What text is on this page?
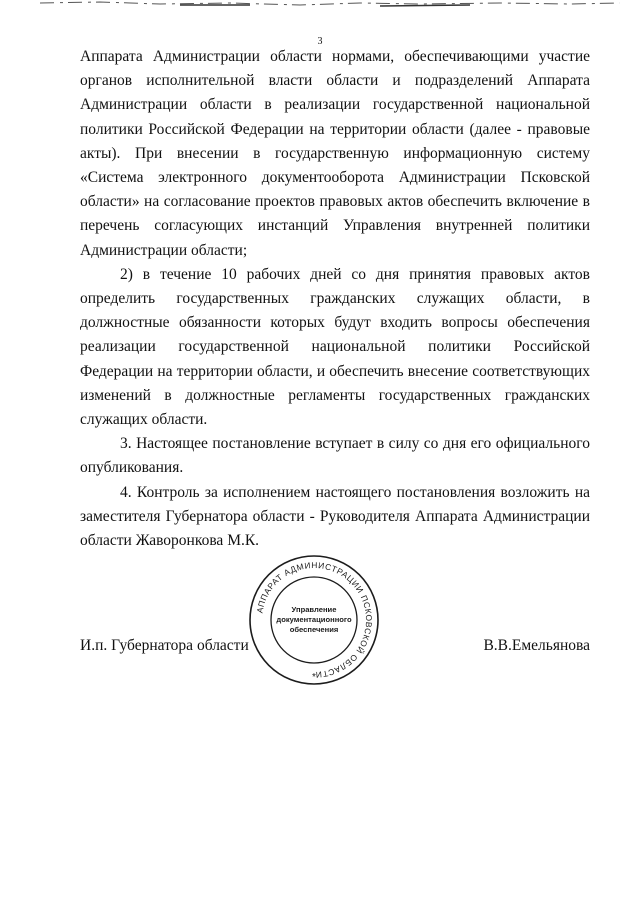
3

Аппарата Администрации области нормами, обеспечивающими участие органов исполнительной власти области и подразделений Аппарата Администрации области в реализации государственной национальной политики Российской Федерации на территории области (далее - правовые акты). При внесении в государственную информационную систему «Система электронного документооборота Администрации Псковской области» на согласование проектов правовых актов обеспечить включение в перечень согласующих инстанций Управления внутренней политики Администрации области;

2) в течение 10 рабочих дней со дня принятия правовых актов определить государственных гражданских служащих области, в должностные обязанности которых будут входить вопросы обеспечения реализации государственной национальной политики Российской Федерации на территории области, и обеспечить внесение соответствующих изменений в должностные регламенты государственных гражданских служащих области.

3. Настоящее постановление вступает в силу со дня его официального опубликования.

4. Контроль за исполнением настоящего постановления возложить на заместителя Губернатора области - Руководителя Аппарата Администрации области Жаворонкова М.К.

И.п. Губернатора области	В.В.Емельянова
АППАРАТ АДМИНИСТРАЦИИ ПСКОВСКОЙ ОБЛАСТИ
Управление
документационного
обеспечения
*
